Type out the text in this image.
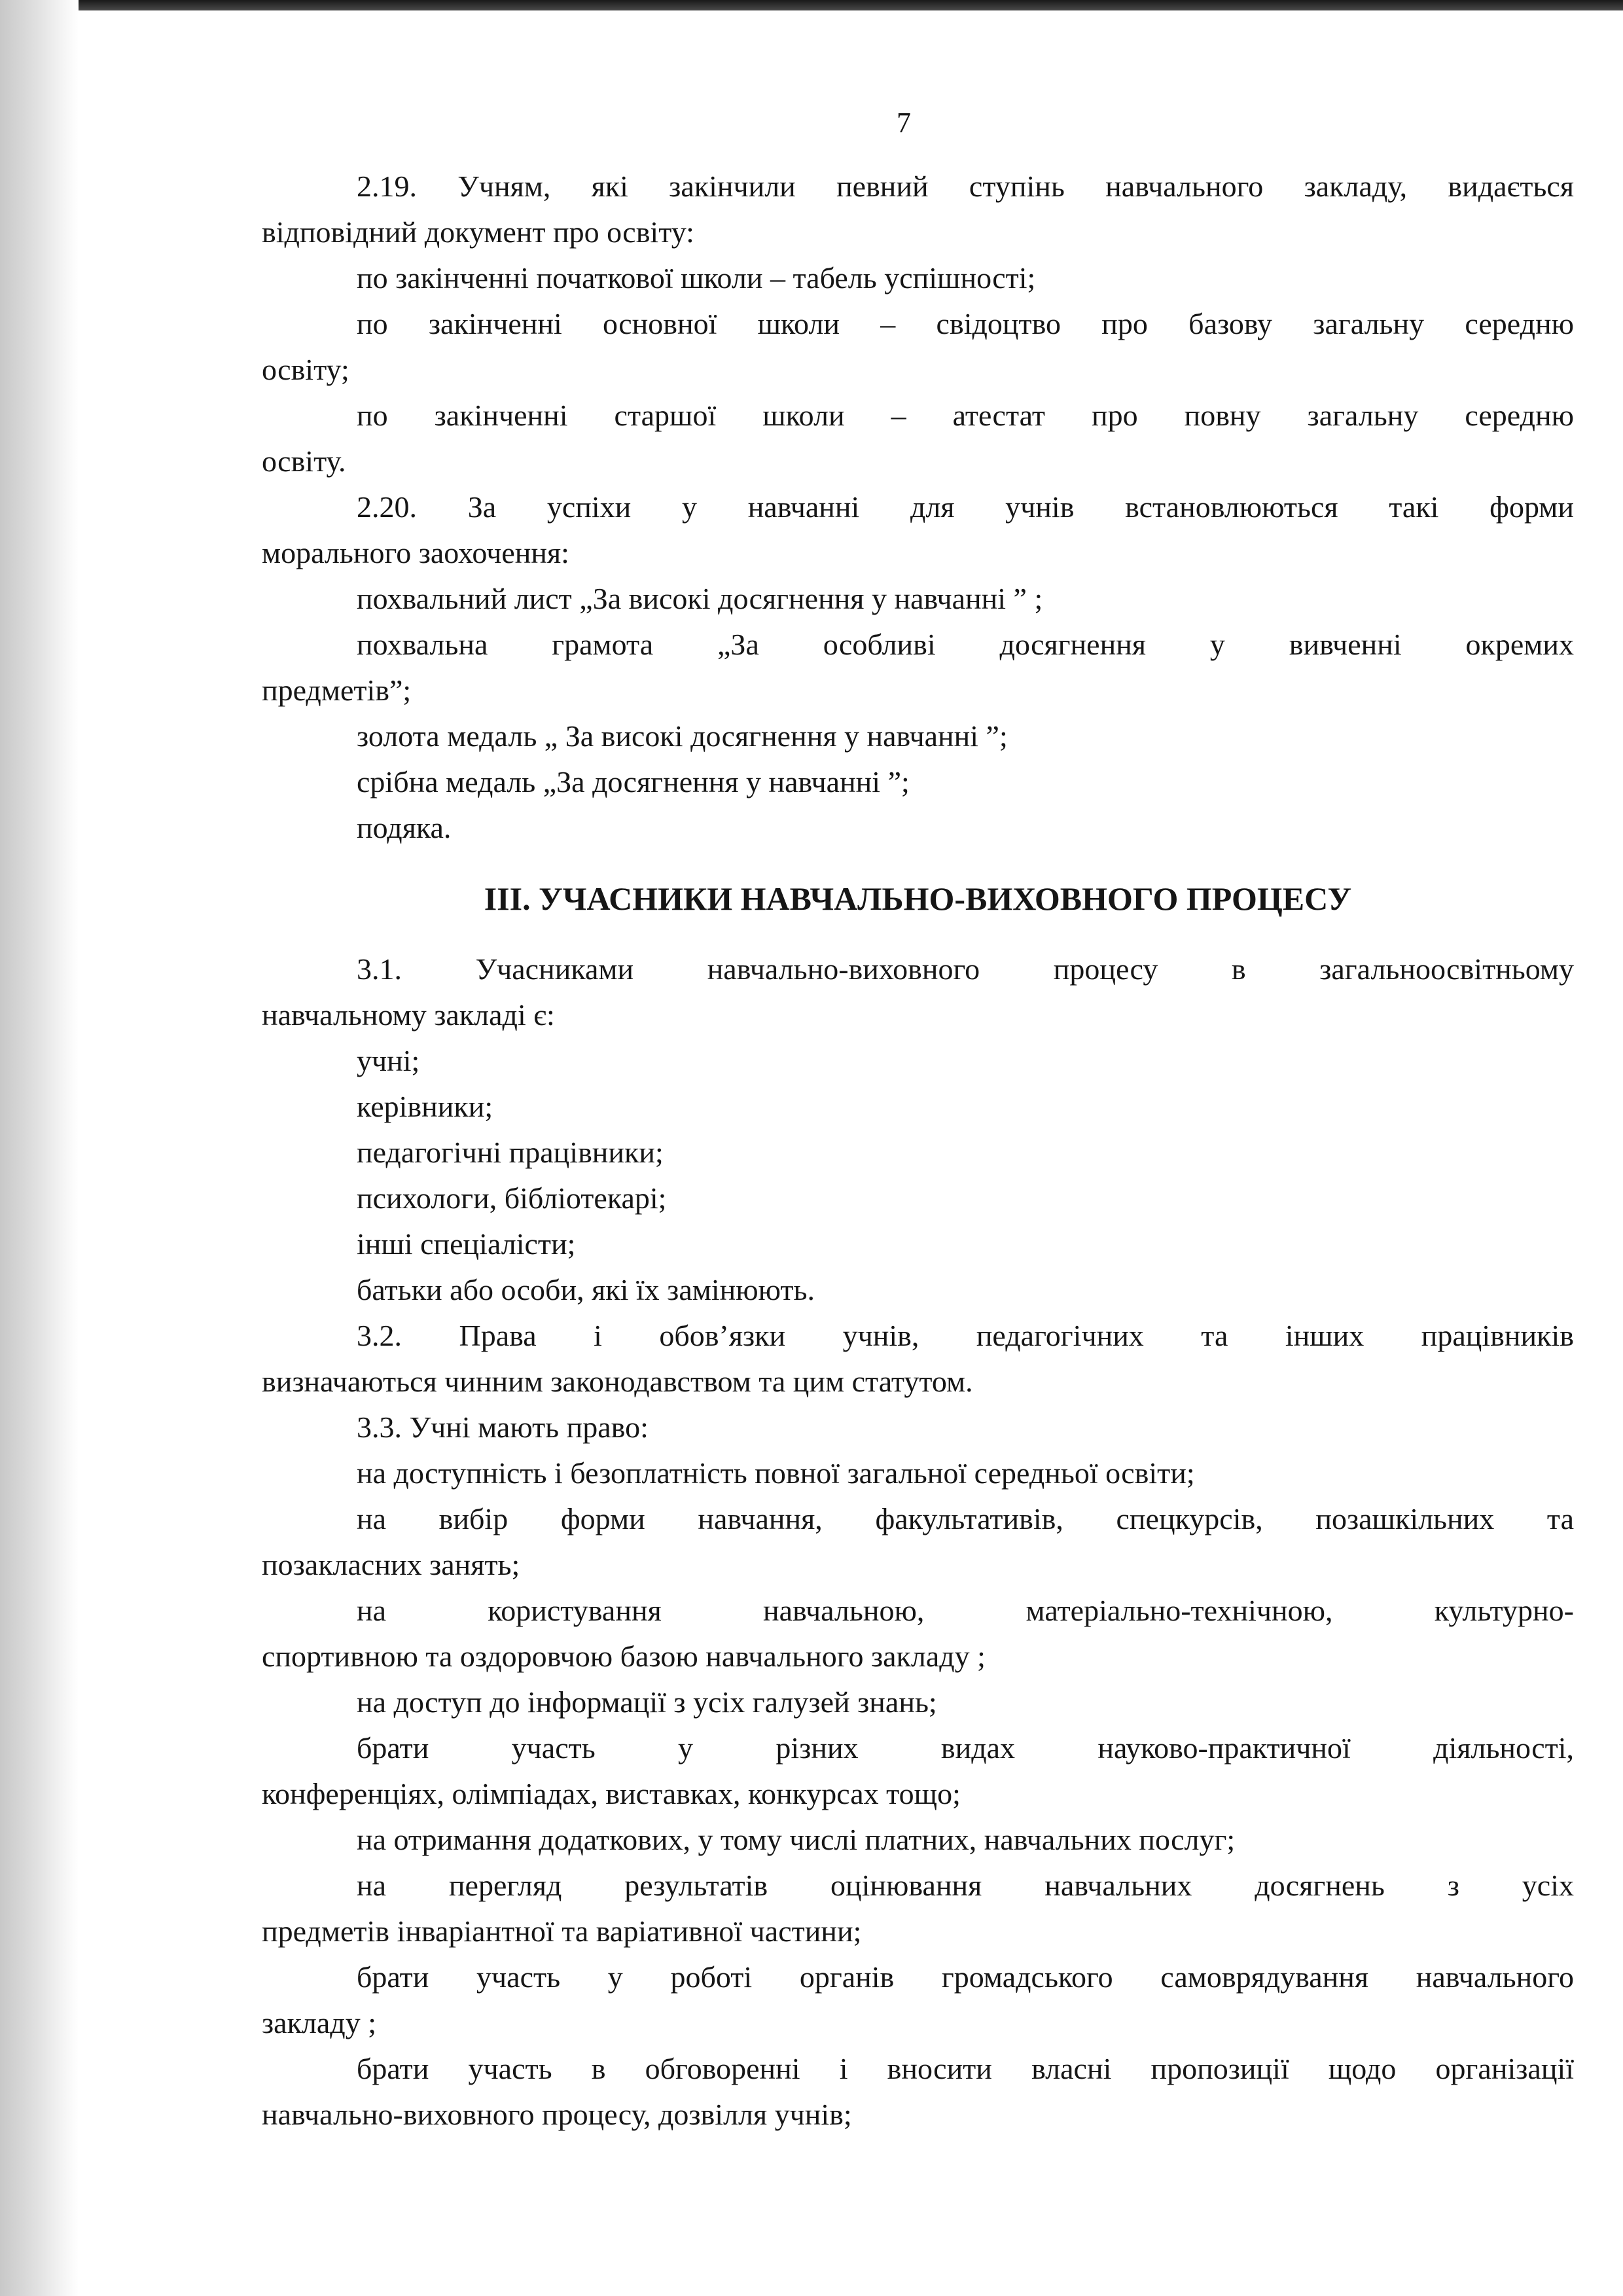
7
2.19. Учням, які закінчили певний ступінь навчального закладу, видається
відповідний документ про освіту:
по закінченні початкової школи – табель успішності;
по закінченні основної школи – свідоцтво про базову загальну середню
освіту;
по закінченні старшої школи – атестат про повну загальну середню
освіту.
2.20. За успіхи у навчанні для учнів встановлюються такі форми
морального заохочення:
похвальний лист „За високі досягнення у навчанні ” ;
похвальна грамота „За особливі досягнення у вивченні окремих
предметів”;
золота медаль „ За високі досягнення у навчанні ”;
срібна медаль „За досягнення у навчанні ”;
подяка.
ІІІ. УЧАСНИКИ НАВЧАЛЬНО-ВИХОВНОГО ПРОЦЕСУ
3.1. Учасниками навчально-виховного процесу в загальноосвітньому
навчальному закладі є:
учні;
керівники;
педагогічні працівники;
психологи, бібліотекарі;
інші спеціалісти;
батьки або особи, які їх замінюють.
3.2. Права і обов’язки учнів, педагогічних та інших працівників
визначаються чинним законодавством та цим статутом.
3.3. Учні мають право:
на доступність і безоплатність повної загальної середньої освіти;
на вибір форми навчання, факультативів, спецкурсів, позашкільних та
позакласних занять;
на користування навчальною, матеріально-технічною, культурно-
спортивною та оздоровчою базою навчального закладу ;
на доступ до інформації з усіх галузей знань;
брати участь у різних видах науково-практичної діяльності,
конференціях, олімпіадах, виставках, конкурсах тощо;
на отримання додаткових, у тому числі платних, навчальних послуг;
на перегляд результатів оцінювання навчальних досягнень з усіх
предметів інваріантної та варіативної частини;
брати участь у роботі органів громадського самоврядування навчального
закладу ;
брати участь в обговоренні і вносити власні пропозиції щодо організації
навчально-виховного процесу, дозвілля учнів;
